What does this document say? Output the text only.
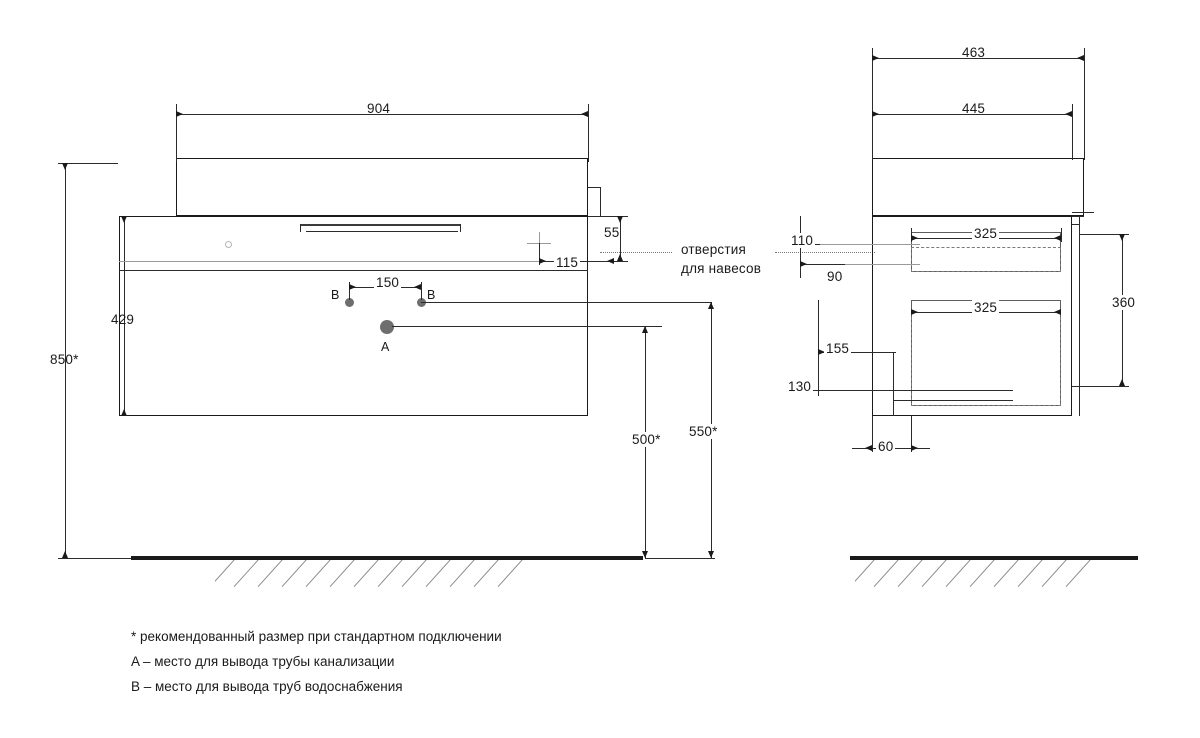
904
850*
429
55
115
отверстия
для навесов
B	B
150
A
500*
550*
463
445
325
325	360
110
90
155
130
60
* рекомендованный размер при стандартном подключении
A – место для вывода трубы канализации
B – место для вывода труб водоснабжения
